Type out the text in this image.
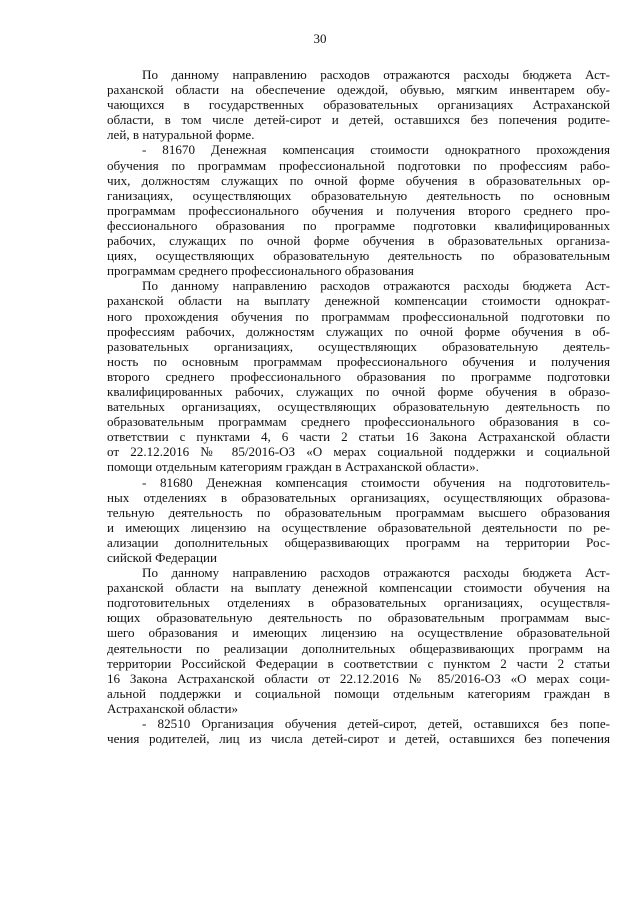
30
По данному направлению расходов отражаются расходы бюджета Аст-
раханской области на обеспечение одеждой, обувью, мягким инвентарем обу-
чающихся в государственных образовательных организациях Астраханской
области, в том числе детей-сирот и детей, оставшихся без попечения родите-
лей, в натуральной форме.
- 81670 Денежная компенсация стоимости однократного прохождения
обучения по программам профессиональной подготовки по профессиям рабо-
чих, должностям служащих по очной форме обучения в образовательных ор-
ганизациях, осуществляющих образовательную деятельность по основным
программам профессионального обучения и получения второго среднего про-
фессионального образования по программе подготовки квалифицированных
рабочих, служащих по очной форме обучения в образовательных организа-
циях, осуществляющих образовательную деятельность по образовательным
программам среднего профессионального образования
По данному направлению расходов отражаются расходы бюджета Аст-
раханской области на выплату денежной компенсации стоимости однократ-
ного прохождения обучения по программам профессиональной подготовки по
профессиям рабочих, должностям служащих по очной форме обучения в об-
разовательных организациях, осуществляющих образовательную деятель-
ность по основным программам профессионального обучения и получения
второго среднего профессионального образования по программе подготовки
квалифицированных рабочих, служащих по очной форме обучения в образо-
вательных организациях, осуществляющих образовательную деятельность по
образовательным программам среднего профессионального образования в со-
ответствии с пунктами 4, 6 части 2 статьи 16 Закона Астраханской области
от 22.12.2016 № 85/2016-ОЗ «О мерах социальной поддержки и социальной
помощи отдельным категориям граждан в Астраханской области».
- 81680 Денежная компенсация стоимости обучения на подготовитель-
ных отделениях в образовательных организациях, осуществляющих образова-
тельную деятельность по образовательным программам высшего образования
и имеющих лицензию на осуществление образовательной деятельности по ре-
ализации дополнительных общеразвивающих программ на территории Рос-
сийской Федерации
По данному направлению расходов отражаются расходы бюджета Аст-
раханской области на выплату денежной компенсации стоимости обучения на
подготовительных отделениях в образовательных организациях, осуществля-
ющих образовательную деятельность по образовательным программам выс-
шего образования и имеющих лицензию на осуществление образовательной
деятельности по реализации дополнительных общеразвивающих программ на
территории Российской Федерации в соответствии с пунктом 2 части 2 статьи
16 Закона Астраханской области от 22.12.2016 № 85/2016-ОЗ «О мерах соци-
альной поддержки и социальной помощи отдельным категориям граждан в
Астраханской области»
- 82510 Организация обучения детей-сирот, детей, оставшихся без попе-
чения родителей, лиц из числа детей-сирот и детей, оставшихся без попечения
